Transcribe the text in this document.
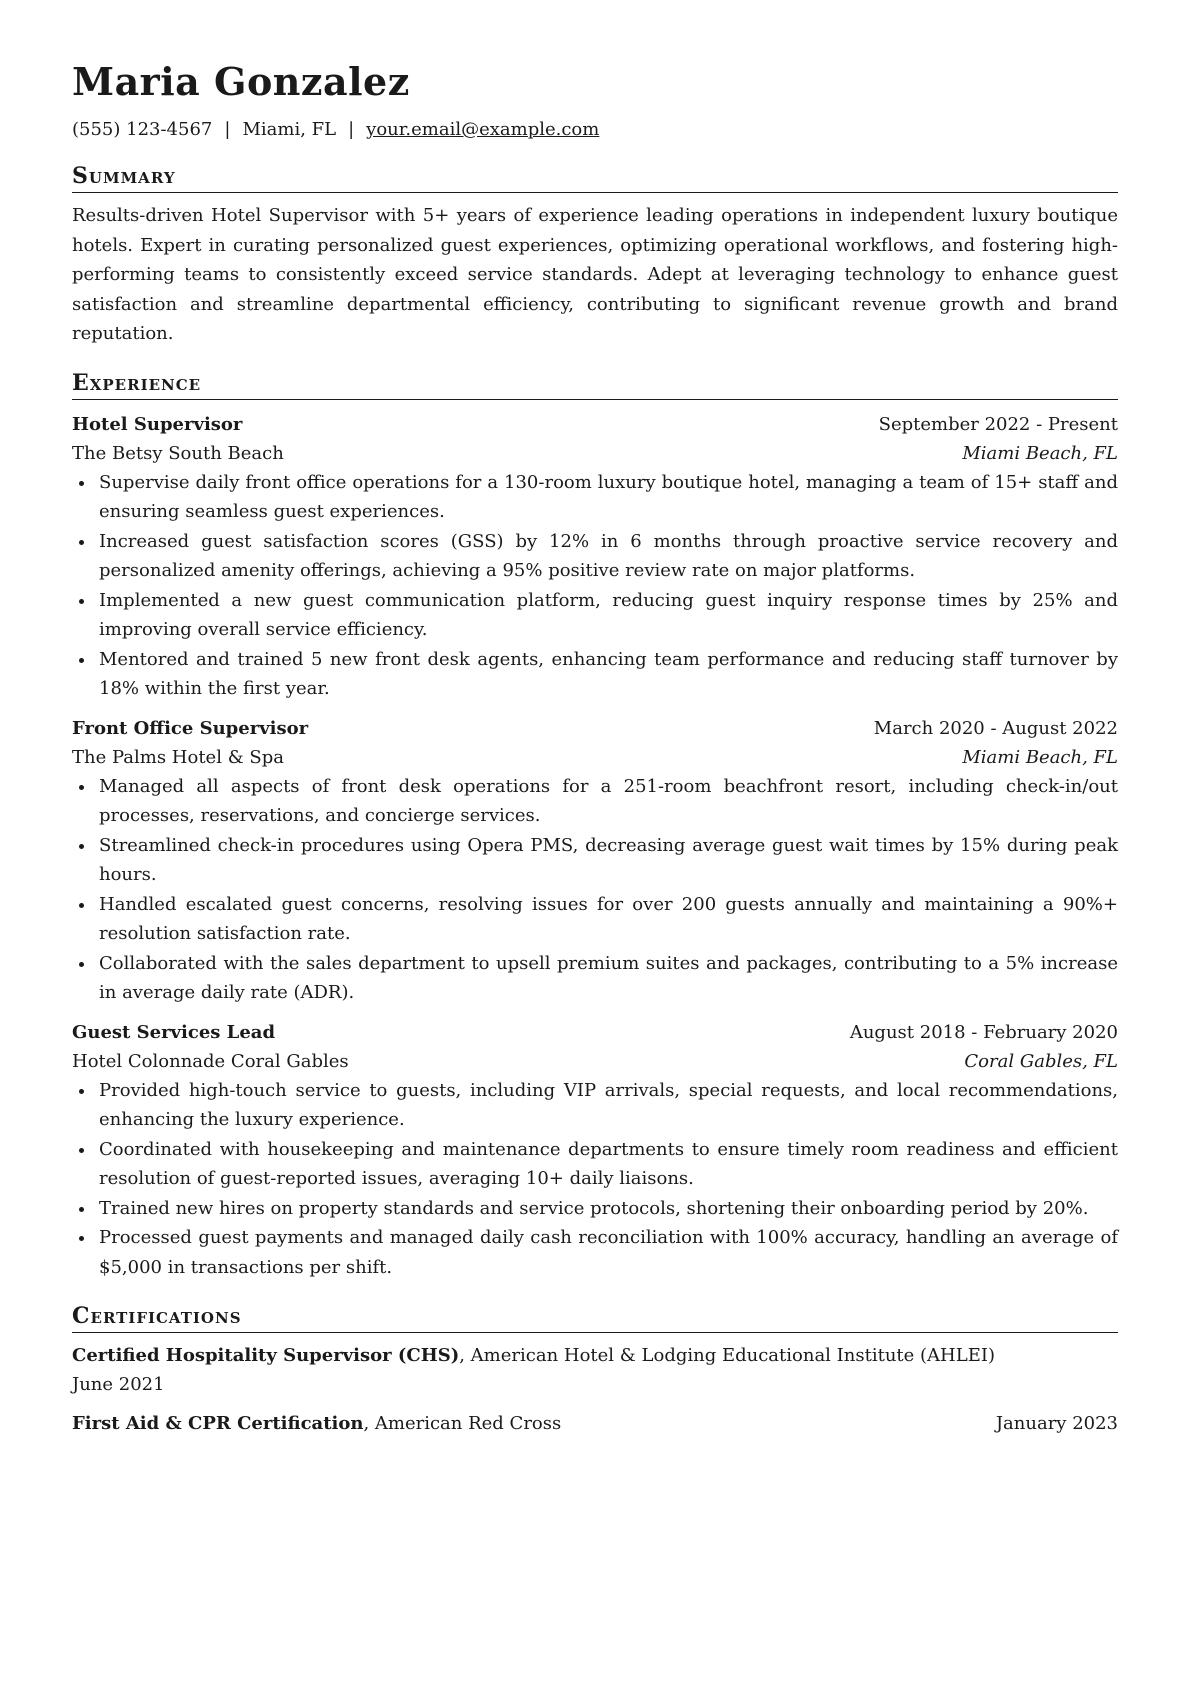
Maria Gonzalez
(555) 123-4567 | Miami, FL | your.email@example.com
Summary
Results-driven Hotel Supervisor with 5+ years of experience leading operations in independent luxury boutique hotels. Expert in curating personalized guest experiences, optimizing operational workflows, and fostering high-performing teams to consistently exceed service standards. Adept at leveraging technology to enhance guest satisfaction and streamline departmental efficiency, contributing to significant revenue growth and brand reputation.
Experience
Hotel Supervisor	September 2022 - Present
The Betsy South Beach	Miami Beach, FL
Supervise daily front office operations for a 130-room luxury boutique hotel, managing a team of 15+ staff and ensuring seamless guest experiences.
Increased guest satisfaction scores (GSS) by 12% in 6 months through proactive service recovery and personalized amenity offerings, achieving a 95% positive review rate on major platforms.
Implemented a new guest communication platform, reducing guest inquiry response times by 25% and improving overall service efficiency.
Mentored and trained 5 new front desk agents, enhancing team performance and reducing staff turnover by 18% within the first year.
Front Office Supervisor	March 2020 - August 2022
The Palms Hotel & Spa	Miami Beach, FL
Managed all aspects of front desk operations for a 251-room beachfront resort, including check-in/out processes, reservations, and concierge services.
Streamlined check-in procedures using Opera PMS, decreasing average guest wait times by 15% during peak hours.
Handled escalated guest concerns, resolving issues for over 200 guests annually and maintaining a 90%+ resolution satisfaction rate.
Collaborated with the sales department to upsell premium suites and packages, contributing to a 5% increase in average daily rate (ADR).
Guest Services Lead	August 2018 - February 2020
Hotel Colonnade Coral Gables	Coral Gables, FL
Provided high-touch service to guests, including VIP arrivals, special requests, and local recommendations, enhancing the luxury experience.
Coordinated with housekeeping and maintenance departments to ensure timely room readiness and efficient resolution of guest-reported issues, averaging 10+ daily liaisons.
Trained new hires on property standards and service protocols, shortening their onboarding period by 20%.
Processed guest payments and managed daily cash reconciliation with 100% accuracy, handling an average of $5,000 in transactions per shift.
Certifications
Certified Hospitality Supervisor (CHS), American Hotel & Lodging Educational Institute (AHLEI)
June 2021
First Aid & CPR Certification, American Red Cross	January 2023
